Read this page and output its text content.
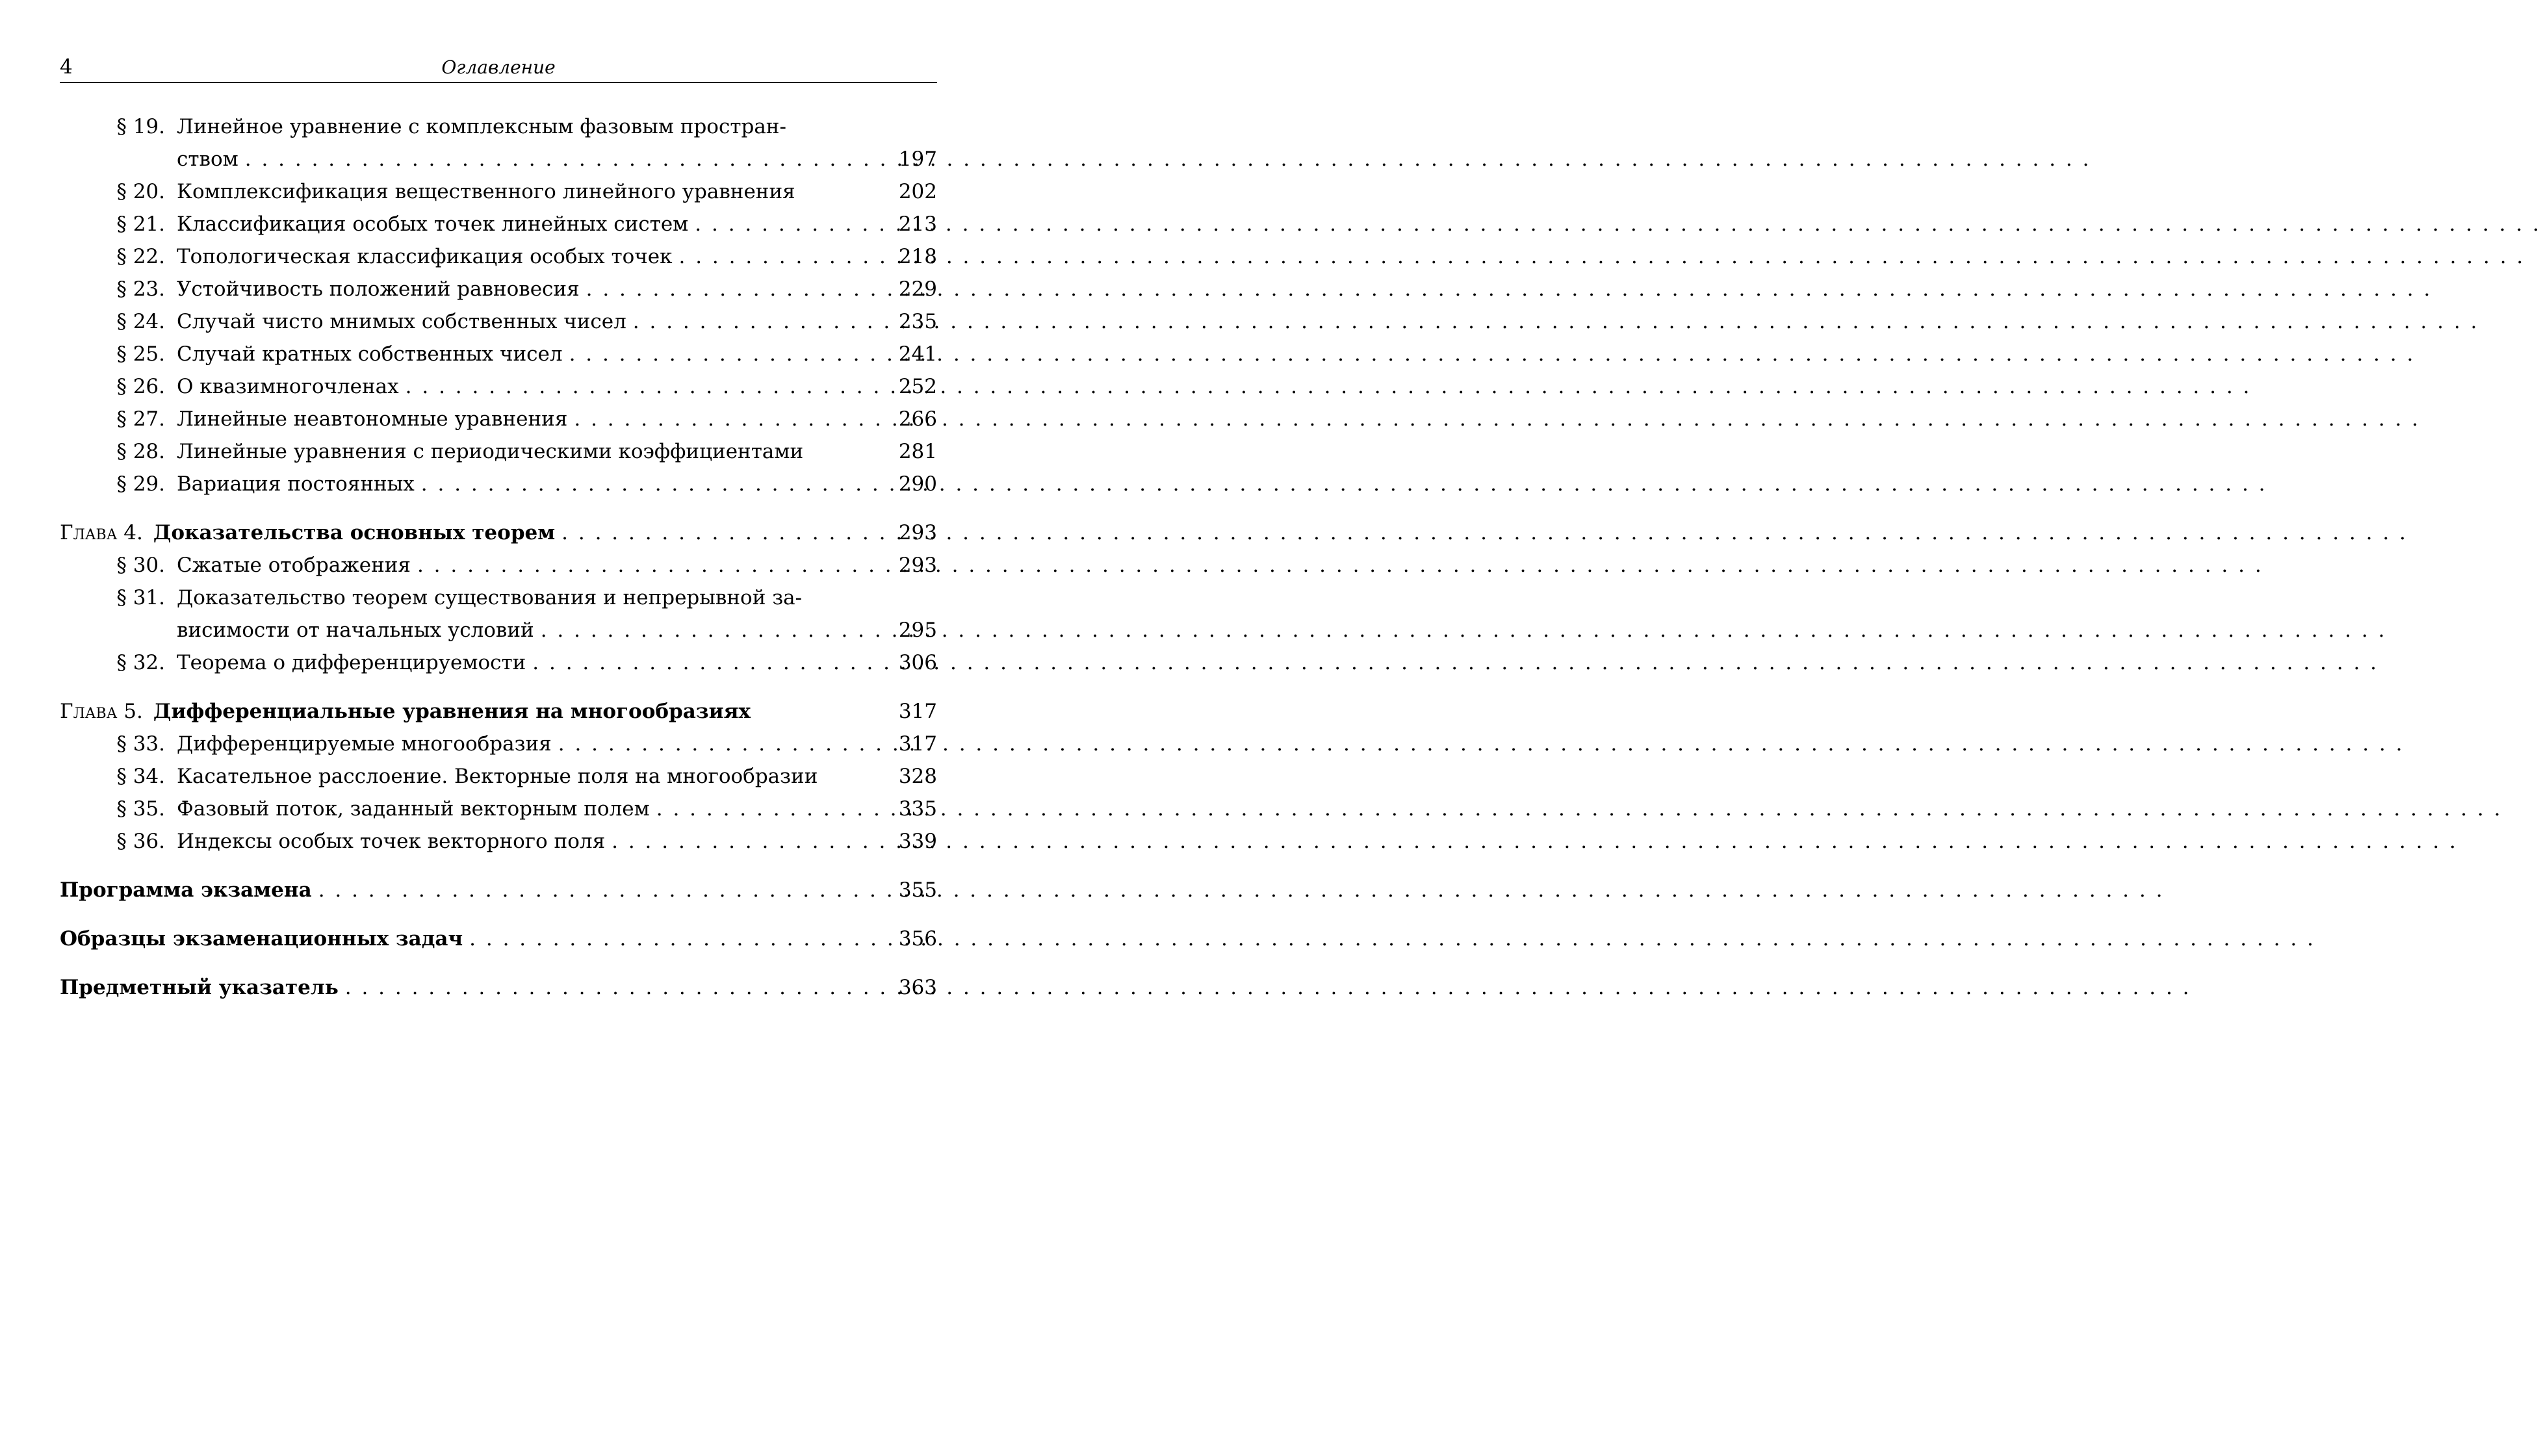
4	Оглавление
§ 19. Линейное уравнение с комплексным фазовым простран-
ством . . .	197
§ 20. Комплексификация вещественного линейного уравнения	202
§ 21. Классификация особых точек линейных систем . . .	213
§ 22. Топологическая классификация особых точек . . .	218
§ 23. Устойчивость положений равновесия . . .	229
§ 24. Случай чисто мнимых собственных чисел . . .	235
§ 25. Случай кратных собственных чисел . . .	241
§ 26. О квазимногочленах . . .	252
§ 27. Линейные неавтономные уравнения . . .	266
§ 28. Линейные уравнения с периодическими коэффициентами	281
§ 29. Вариация постоянных . . .	290
Глава 4. Доказательства основных теорем . . .	293
§ 30. Сжатые отображения . . .	293
§ 31. Доказательство теорем существования и непрерывной за-
висимости от начальных условий . . .	295
§ 32. Теорема о дифференцируемости . . .	306
Глава 5. Дифференциальные уравнения на многообразиях	317
§ 33. Дифференцируемые многообразия . . .	317
§ 34. Касательное расслоение. Векторные поля на многообразии	328
§ 35. Фазовый поток, заданный векторным полем . . .	335
§ 36. Индексы особых точек векторного поля . . .	339
Программа экзамена . . .	355
Образцы экзаменационных задач . . .	356
Предметный указатель . . .	363
